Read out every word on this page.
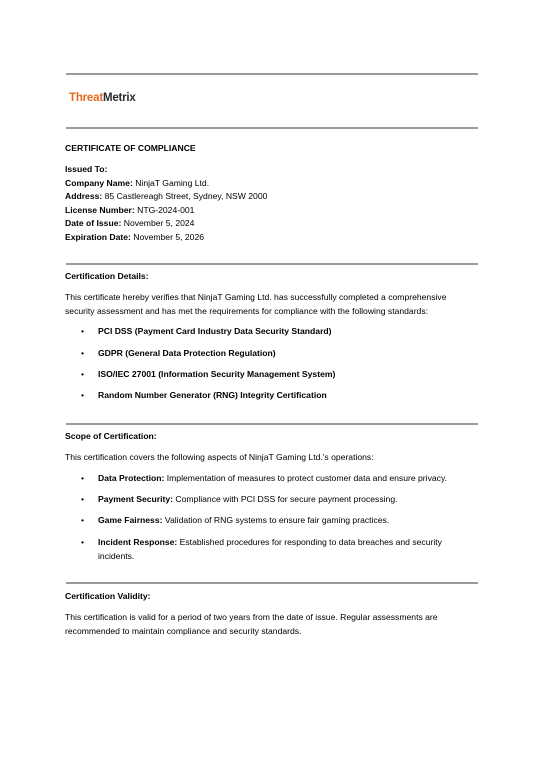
ThreatMetrix
CERTIFICATE OF COMPLIANCE
Issued To:
Company Name: NinjaT Gaming Ltd.
Address: 85 Castlereagh Street, Sydney, NSW 2000
License Number: NTG-2024-001
Date of Issue: November 5, 2024
Expiration Date: November 5, 2026
Certification Details:
This certificate hereby verifies that NinjaT Gaming Ltd. has successfully completed a comprehensive
security assessment and has met the requirements for compliance with the following standards:
• PCI DSS (Payment Card Industry Data Security Standard)
• GDPR (General Data Protection Regulation)
• ISO/IEC 27001 (Information Security Management System)
• Random Number Generator (RNG) Integrity Certification
Scope of Certification:
This certification covers the following aspects of NinjaT Gaming Ltd.'s operations:
• Data Protection: Implementation of measures to protect customer data and ensure privacy.
• Payment Security: Compliance with PCI DSS for secure payment processing.
• Game Fairness: Validation of RNG systems to ensure fair gaming practices.
• Incident Response: Established procedures for responding to data breaches and security
incidents.
Certification Validity:
This certification is valid for a period of two years from the date of issue. Regular assessments are
recommended to maintain compliance and security standards.
